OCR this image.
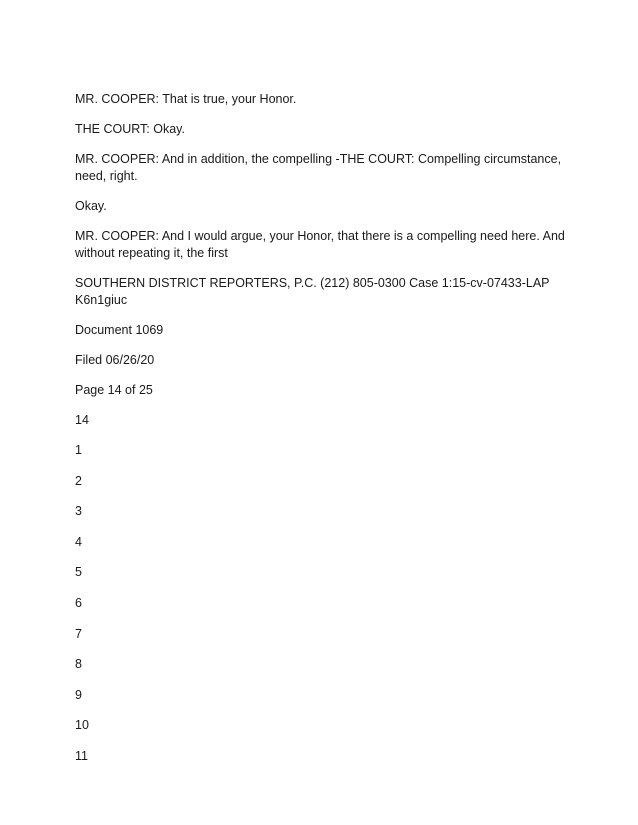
MR. COOPER: That is true, your Honor.

THE COURT: Okay.

MR. COOPER: And in addition, the compelling -THE COURT: Compelling circumstance, need, right.

Okay.

MR. COOPER: And I would argue, your Honor, that there is a compelling need here. And without repeating it, the first

SOUTHERN DISTRICT REPORTERS, P.C. (212) 805-0300 Case 1:15-cv-07433-LAP K6n1giuc

Document 1069

Filed 06/26/20

Page 14 of 25

14

1

2

3

4

5

6

7

8

9

10

11
